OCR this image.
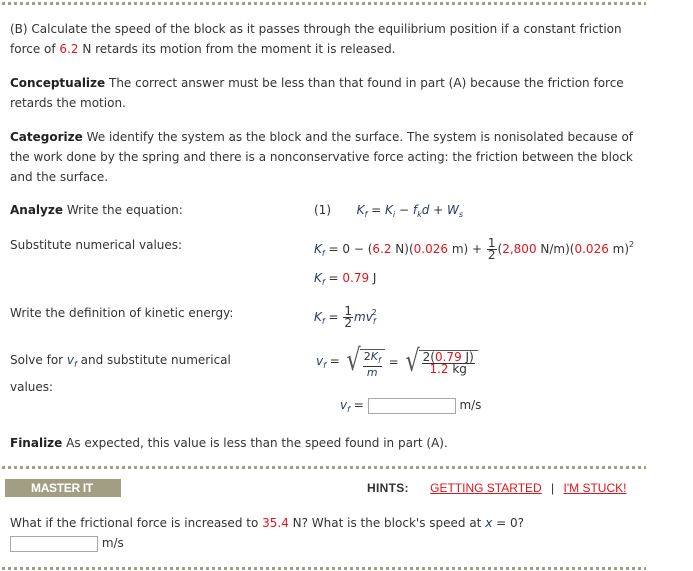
(B) Calculate the speed of the block as it passes through the equilibrium position if a constant friction force of 6.2 N retards its motion from the moment it is released.
Conceptualize The correct answer must be less than that found in part (A) because the friction force retards the motion.
Categorize We identify the system as the block and the surface. The system is nonisolated because of the work done by the spring and there is a nonconservative force acting: the friction between the block and the surface.
Analyze Write the equation:	(1) $K_f = K_i - f_kd + W_s$
Substitute numerical values:	$K_f = 0 - (6.2$ N)(0.026 $m) + \frac{1}{2} (2,800$ N/m)(0.026 m)$^2$
$K_f = 0.79$ J
Write the definition of kinetic energy:	$K_f = \frac{1}{2} mv_f^2$
Solve for $v_f$ and substitute numerical
values:
$v_f$ = √ $\frac{2K_f}{m}$ = √ $\frac{2(0.79 J)}{1.2 kg}$
$v_f$ =	m/s
Finalize As expected, this value is less than the speed found in part (A).
MASTER IT	HINTS: GETTING STARTED | I'M STUCK!
What if the frictional force is increased to 35.4 N? What is the block's speed at x = 0?
m/s
